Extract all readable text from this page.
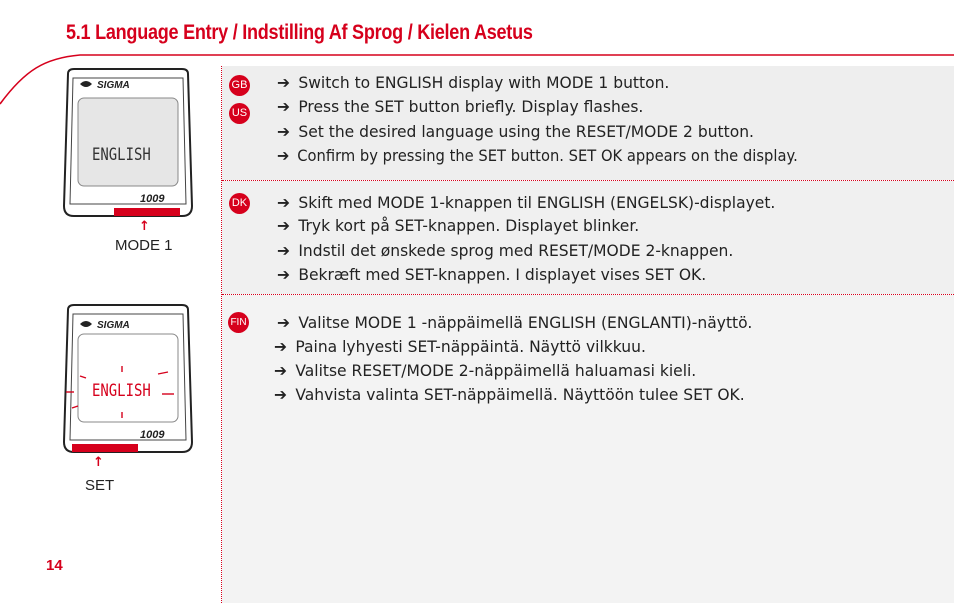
5.1 Language Entry / Indstilling Af Sprog / Kielen Asetus
SIGMA
ENGLISH
1009
↑
MODE 1
SIGMA
ENGLISH
1009
↑
SET
GB
US
DK
FIN
➔ Switch to ENGLISH display with MODE 1 button.
➔ Press the SET button briefly. Display flashes.
➔ Set the desired language using the RESET/MODE 2 button.
➔ Confirm by pressing the SET button. SET OK appears on the display.
➔ Skift med MODE 1-knappen til ENGLISH (ENGELSK)-displayet.
➔ Tryk kort på SET-knappen. Displayet blinker.
➔ Indstil det ønskede sprog med RESET/MODE 2-knappen.
➔ Bekræft med SET-knappen. I displayet vises SET OK.
➔ Valitse MODE 1 -näppäimellä ENGLISH (ENGLANTI)-näyttö.
➔ Paina lyhyesti SET-näppäintä. Näyttö vilkkuu.
➔ Valitse RESET/MODE 2-näppäimellä haluamasi kieli.
➔ Vahvista valinta SET-näppäimellä. Näyttöön tulee SET OK.
14
